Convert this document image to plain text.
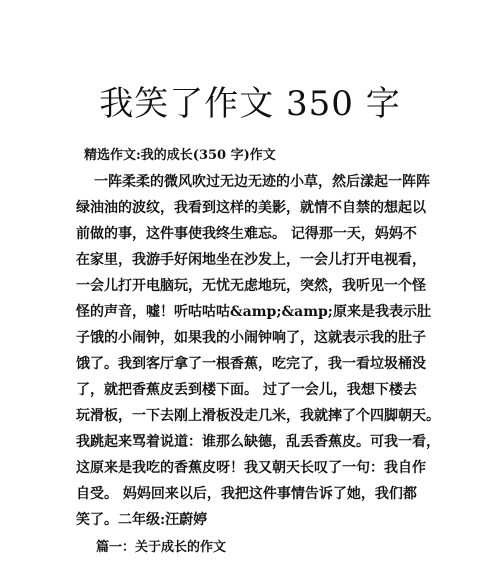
我笑了作文 350 字
精选作文:我的成长(350 字)作文
一阵柔柔的微风吹过无边无迹的小草，然后漾起一阵阵
绿油油的波纹，我看到这样的美影，就情不自禁的想起以
前做的事，这件事使我终生难忘。 记得那一天，妈妈不
在家里，我游手好闲地坐在沙发上，一会儿打开电视看，
一会儿打开电脑玩，无忧无虑地玩，突然，我听见一个怪
怪的声音，嘘！听咕咕咕&amp;&amp;原来是我表示肚
子饿的小闹钟，如果我的小闹钟响了，这就表示我的肚子
饿了。我到客厅拿了一根香蕉，吃完了，我一看垃圾桶没
了，就把香蕉皮丢到楼下面。 过了一会儿，我想下楼去
玩滑板，一下去刚上滑板没走几米，我就摔了个四脚朝天。
我跳起来骂着说道：谁那么缺德，乱丢香蕉皮。可我一看，
这原来是我吃的香蕉皮呀！我又朝天长叹了一句：我自作
自受。 妈妈回来以后，我把这件事情告诉了她，我们都
笑了。二年级:汪蔚婷
篇一：关于成长的作文
